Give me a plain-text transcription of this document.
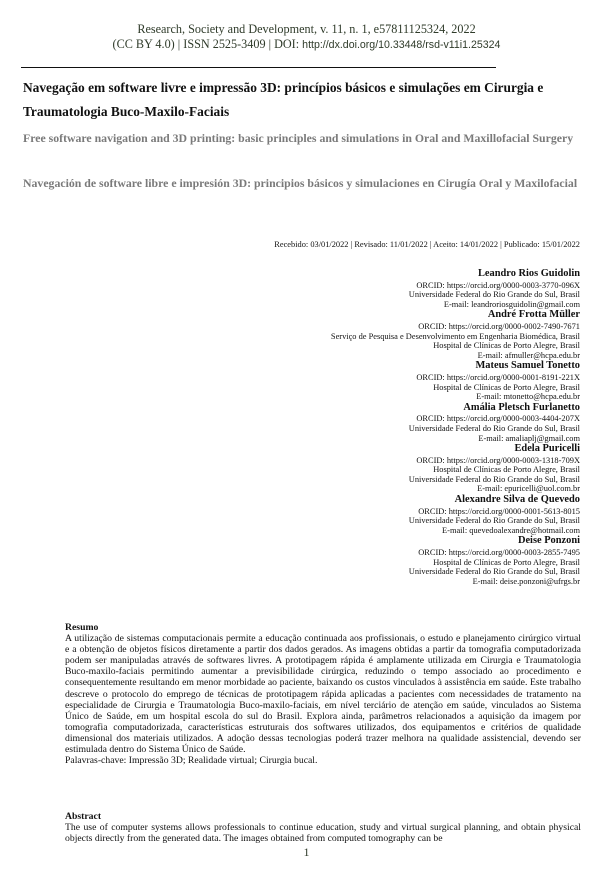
Research, Society and Development, v. 11, n. 1, e57811125324, 2022
(CC BY 4.0) | ISSN 2525-3409 | DOI: http://dx.doi.org/10.33448/rsd-v11i1.25324
Navegação em software livre e impressão 3D: princípios básicos e simulações em Cirurgia e Traumatologia Buco-Maxilo-Faciais
Free software navigation and 3D printing: basic principles and simulations in Oral and Maxillofacial Surgery
Navegación de software libre e impresión 3D: principios básicos y simulaciones en Cirugía Oral y Maxilofacial
Recebido: 03/01/2022 | Revisado: 11/01/2022 | Aceito: 14/01/2022 | Publicado: 15/01/2022
Leandro Rios Guidolin
ORCID: https://orcid.org/0000-0003-3770-096X
Universidade Federal do Rio Grande do Sul, Brasil
E-mail: leandroriosguidolin@gmail.com
André Frotta Müller
ORCID: https://orcid.org/0000-0002-7490-7671
Serviço de Pesquisa e Desenvolvimento em Engenharia Biomédica, Brasil
Hospital de Clínicas de Porto Alegre, Brasil
E-mail: afmuller@hcpa.edu.br
Mateus Samuel Tonetto
ORCID: https://orcid.org/0000-0001-8191-221X
Hospital de Clínicas de Porto Alegre, Brasil
E-mail: mtonetto@hcpa.edu.br
Amália Pletsch Furlanetto
ORCID: https://orcid.org/0000-0003-4404-207X
Universidade Federal do Rio Grande do Sul, Brasil
E-mail: amaliaplj@gmail.com
Edela Puricelli
ORCID: https://orcid.org/0000-0003-1318-709X
Hospital de Clínicas de Porto Alegre, Brasil
Universidade Federal do Rio Grande do Sul, Brasil
E-mail: epuricelli@uol.com.br
Alexandre Silva de Quevedo
ORCID: https://orcid.org/0000-0001-5613-8015
Universidade Federal do Rio Grande do Sul, Brasil
E-mail: quevedoalexandre@hotmail.com
Deise Ponzoni
ORCID: https://orcid.org/0000-0003-2855-7495
Hospital de Clínicas de Porto Alegre, Brasil
Universidade Federal do Rio Grande do Sul, Brasil
E-mail: deise.ponzoni@ufrgs.br
Resumo
A utilização de sistemas computacionais permite a educação continuada aos profissionais, o estudo e planejamento cirúrgico virtual e a obtenção de objetos físicos diretamente a partir dos dados gerados. As imagens obtidas a partir da tomografia computadorizada podem ser manipuladas através de softwares livres. A prototipagem rápida é amplamente utilizada em Cirurgia e Traumatologia Buco-maxilo-faciais permitindo aumentar a previsibilidade cirúrgica, reduzindo o tempo associado ao procedimento e consequentemente resultando em menor morbidade ao paciente, baixando os custos vinculados à assistência em saúde. Este trabalho descreve o protocolo do emprego de técnicas de prototipagem rápida aplicadas a pacientes com necessidades de tratamento na especialidade de Cirurgia e Traumatologia Buco-maxilo-faciais, em nível terciário de atenção em saúde, vinculados ao Sistema Único de Saúde, em um hospital escola do sul do Brasil. Explora ainda, parâmetros relacionados a aquisição da imagem por tomografia computadorizada, características estruturais dos softwares utilizados, dos equipamentos e critérios de qualidade dimensional dos materiais utilizados. A adoção dessas tecnologias poderá trazer melhora na qualidade assistencial, devendo ser estimulada dentro do Sistema Único de Saúde.
Palavras-chave: Impressão 3D; Realidade virtual; Cirurgia bucal.
Abstract
The use of computer systems allows professionals to continue education, study and virtual surgical planning, and obtain physical objects directly from the generated data. The images obtained from computed tomography can be
1
